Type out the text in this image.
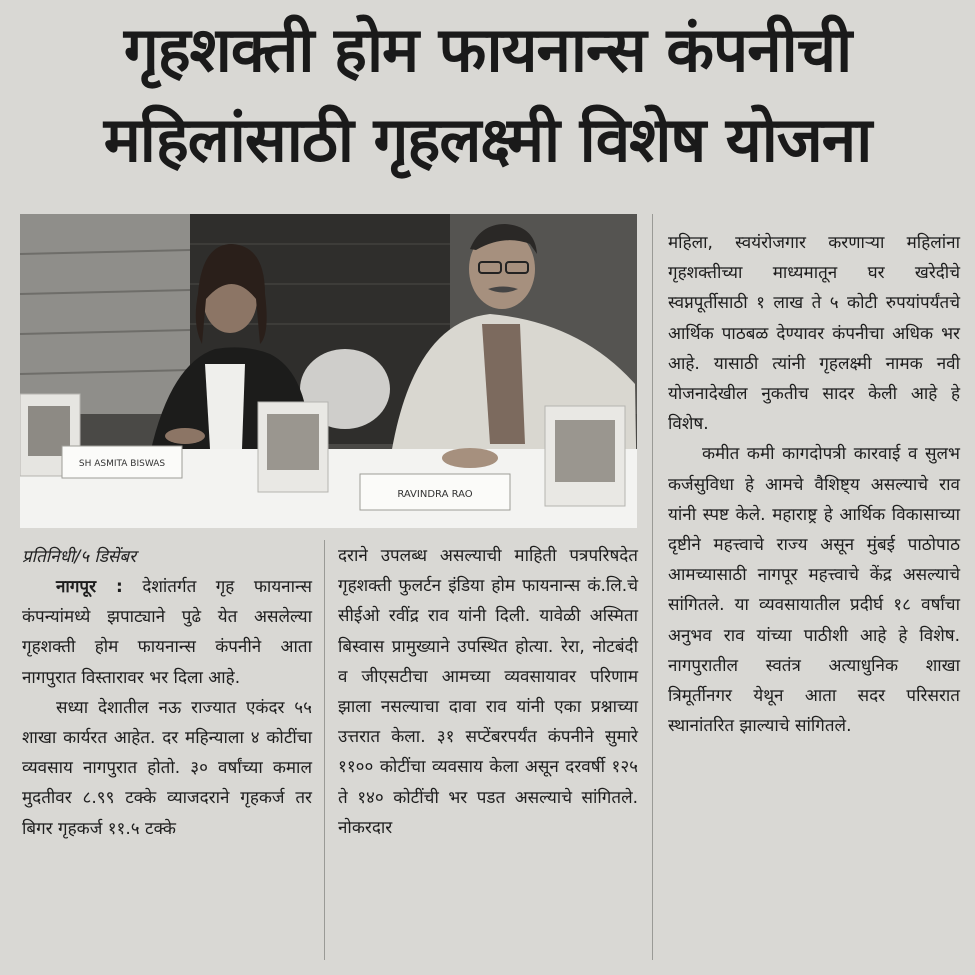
गृहशक्ती होम फायनान्स कंपनीची
महिलांसाठी गृहलक्ष्मी विशेष योजना
SH ASMITA BISWAS
RAVINDRA RAO
प्रतिनिधी/५ डिसेंबर

नागपूर : देशांतर्गत गृह फायनान्स कंपन्यांमध्ये झपाट्याने पुढे येत असलेल्या गृहशक्ती होम फायनान्स कंपनीने आता नागपुरात विस्तारावर भर दिला आहे.

सध्या देशातील नऊ राज्यात एकंदर ५५ शाखा कार्यरत आहेत. दर महिन्याला ४ कोटींचा व्यवसाय नागपुरात होतो. ३० वर्षांच्या कमाल मुदतीवर ८.९९ टक्के व्याजदराने गृहकर्ज तर बिगर गृहकर्ज ११.५ टक्के

दराने उपलब्ध असल्याची माहिती पत्रपरिषदेत गृहशक्ती फुलर्टन इंडिया होम फायनान्स कं.लि.चे सीईओ रवींद्र राव यांनी दिली. यावेळी अस्मिता बिस्वास प्रामुख्याने उपस्थित होत्या. रेरा, नोटबंदी व जीएसटीचा आमच्या व्यवसायावर परिणाम झाला नसल्याचा दावा राव यांनी एका प्रश्नाच्या उत्तरात केला. ३१ सप्टेंबरपर्यंत कंपनीने सुमारे ११०० कोटींचा व्यवसाय केला असून दरवर्षी १२५ ते १४० कोटींची भर पडत असल्याचे सांगितले. नोकरदार

महिला, स्वयंरोजगार करणाऱ्या महिलांना गृहशक्तीच्या माध्यमातून घर खरेदीचे स्वप्नपूर्तीसाठी १ लाख ते ५ कोटी रुपयांपर्यंतचे आर्थिक पाठबळ देण्यावर कंपनीचा अधिक भर आहे. यासाठी त्यांनी गृहलक्ष्मी नामक नवी योजनादेखील नुकतीच सादर केली आहे हे विशेष.

कमीत कमी कागदोपत्री कारवाई व सुलभ कर्जसुविधा हे आमचे वैशिष्ट्य असल्याचे राव यांनी स्पष्ट केले. महाराष्ट्र हे आर्थिक विकासाच्या दृष्टीने महत्त्वाचे राज्य असून मुंबई पाठोपाठ आमच्यासाठी नागपूर महत्त्वाचे केंद्र असल्याचे सांगितले. या व्यवसायातील प्रदीर्घ १८ वर्षांचा अनुभव राव यांच्या पाठीशी आहे हे विशेष. नागपुरातील स्वतंत्र अत्याधुनिक शाखा त्रिमूर्तीनगर येथून आता सदर परिसरात स्थानांतरित झाल्याचे सांगितले.
